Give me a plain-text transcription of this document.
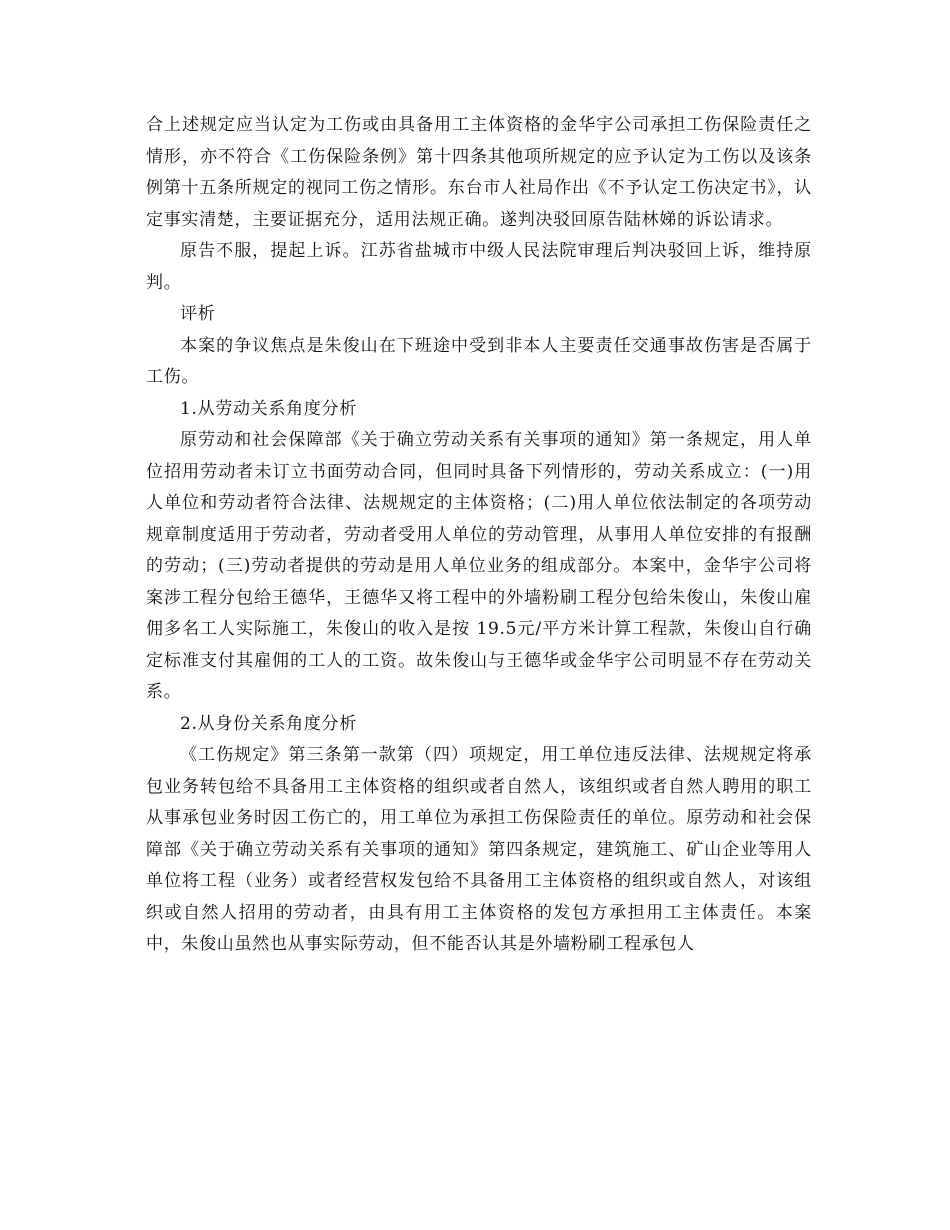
合上述规定应当认定为工伤或由具备用工主体资格的金华宇公司承担工伤保险责任之情形，亦不符合《工伤保险条例》第十四条其他项所规定的应予认定为工伤以及该条例第十五条所规定的视同工伤之情形。东台市人社局作出《不予认定工伤决定书》，认定事实清楚，主要证据充分，适用法规正确。遂判决驳回原告陆林娣的诉讼请求。

原告不服，提起上诉。江苏省盐城市中级人民法院审理后判决驳回上诉，维持原判。

评析

本案的争议焦点是朱俊山在下班途中受到非本人主要责任交通事故伤害是否属于工伤。

1.从劳动关系角度分析

原劳动和社会保障部《关于确立劳动关系有关事项的通知》第一条规定，用人单位招用劳动者未订立书面劳动合同，但同时具备下列情形的，劳动关系成立：(一)用人单位和劳动者符合法律、法规规定的主体资格；(二)用人单位依法制定的各项劳动规章制度适用于劳动者，劳动者受用人单位的劳动管理，从事用人单位安排的有报酬的劳动；(三)劳动者提供的劳动是用人单位业务的组成部分。本案中，金华宇公司将案涉工程分包给王德华，王德华又将工程中的外墙粉刷工程分包给朱俊山，朱俊山雇佣多名工人实际施工，朱俊山的收入是按 19.5元/平方米计算工程款，朱俊山自行确定标准支付其雇佣的工人的工资。故朱俊山与王德华或金华宇公司明显不存在劳动关系。

2.从身份关系角度分析

《工伤规定》第三条第一款第（四）项规定，用工单位违反法律、法规规定将承包业务转包给不具备用工主体资格的组织或者自然人，该组织或者自然人聘用的职工从事承包业务时因工伤亡的，用工单位为承担工伤保险责任的单位。原劳动和社会保障部《关于确立劳动关系有关事项的通知》第四条规定，建筑施工、矿山企业等用人单位将工程（业务）或者经营权发包给不具备用工主体资格的组织或自然人，对该组织或自然人招用的劳动者，由具有用工主体资格的发包方承担用工主体责任。本案中，朱俊山虽然也从事实际劳动，但不能否认其是外墙粉刷工程承包人
